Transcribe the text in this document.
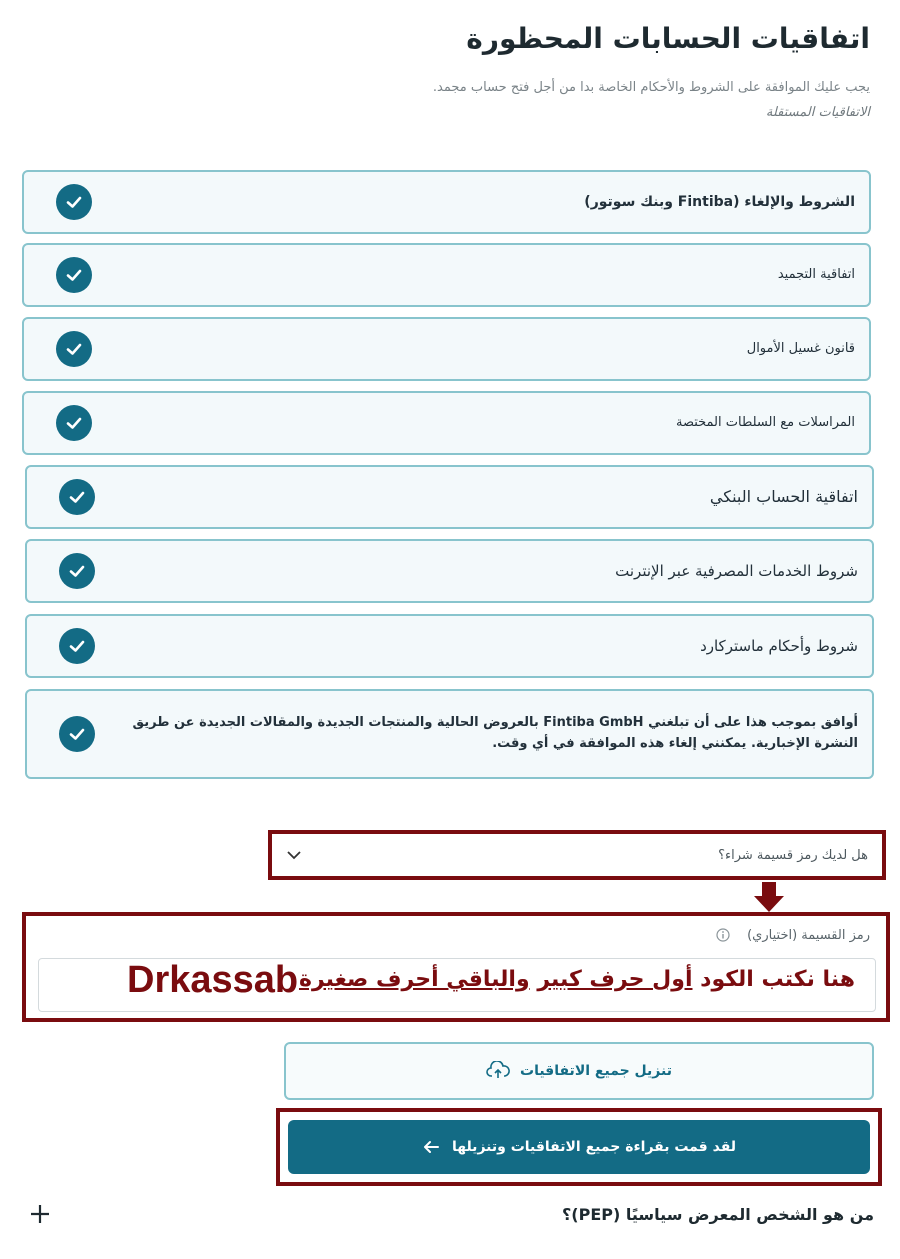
اتفاقيات الحسابات المحظورة
يجب عليك الموافقة على الشروط والأحكام الخاصة بدا من أجل فتح حساب مجمد.
الاتفاقيات المستقلة
الشروط والإلغاء (Fintiba وبنك سوتور)
اتفاقية التجميد
قانون غسيل الأموال
المراسلات مع السلطات المختصة
اتفاقية الحساب البنكي
شروط الخدمات المصرفية عبر الإنترنت
شروط وأحكام ماستركارد
أوافق بموجب هذا على أن تبلغني Fintiba GmbH بالعروض الحالية والمنتجات الجديدة والمقالات الجديدة عن طريق النشرة الإخبارية. يمكنني إلغاء هذه الموافقة في أي وقت.
هل لديك رمز قسيمة شراء؟
رمز القسيمة (اختياري)
هنا نكتب الكود أول حرف كبير والباقي أحرف صغيرة
Drkassab
تنزيل جميع الاتفاقيات
لقد قمت بقراءة جميع الاتفاقيات وتنزيلها
من هو الشخص المعرض سياسيًا (PEP)؟
